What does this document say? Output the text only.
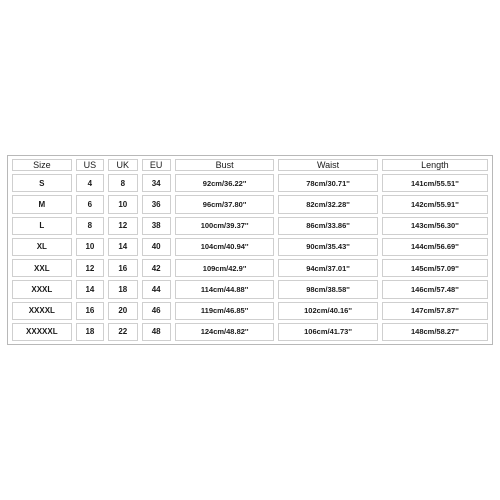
Size	US	UK	EU	Bust	Waist	Length
S	4	8	34	92cm/36.22''	78cm/30.71''	141cm/55.51''
M	6	10	36	96cm/37.80''	82cm/32.28''	142cm/55.91''
L	8	12	38	100cm/39.37''	86cm/33.86''	143cm/56.30''
XL	10	14	40	104cm/40.94''	90cm/35.43''	144cm/56.69''
XXL	12	16	42	109cm/42.9''	94cm/37.01''	145cm/57.09''
XXXL	14	18	44	114cm/44.88''	98cm/38.58''	146cm/57.48''
XXXXL	16	20	46	119cm/46.85''	102cm/40.16''	147cm/57.87''
XXXXXL	18	22	48	124cm/48.82''	106cm/41.73''	148cm/58.27''
